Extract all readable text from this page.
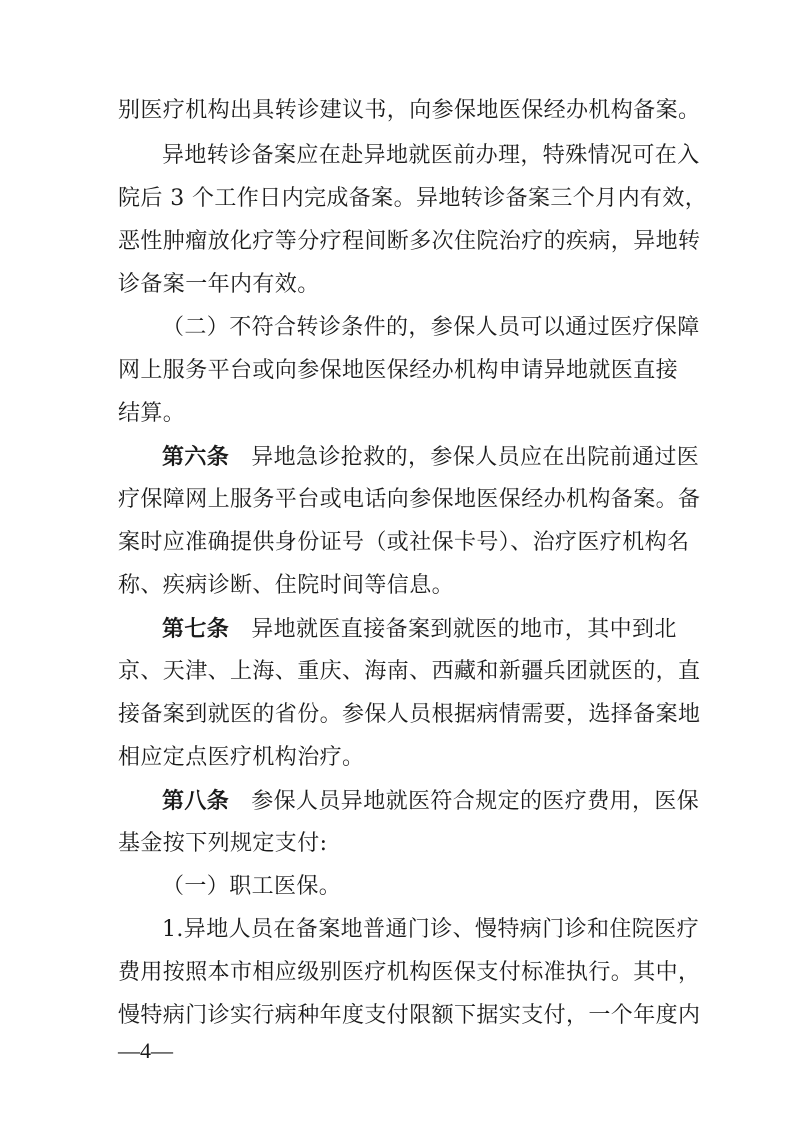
别医疗机构出具转诊建议书，向参保地医保经办机构备案。
异地转诊备案应在赴异地就医前办理，特殊情况可在入
院后 3 个工作日内完成备案。异地转诊备案三个月内有效，
恶性肿瘤放化疗等分疗程间断多次住院治疗的疾病，异地转
诊备案一年内有效。
（二）不符合转诊条件的，参保人员可以通过医疗保障
网上服务平台或向参保地医保经办机构申请异地就医直接
结算。
第六条 异地急诊抢救的，参保人员应在出院前通过医
疗保障网上服务平台或电话向参保地医保经办机构备案。备
案时应准确提供身份证号（或社保卡号）、治疗医疗机构名
称、疾病诊断、住院时间等信息。
第七条 异地就医直接备案到就医的地市，其中到北
京、天津、上海、重庆、海南、西藏和新疆兵团就医的，直
接备案到就医的省份。参保人员根据病情需要，选择备案地
相应定点医疗机构治疗。
第八条 参保人员异地就医符合规定的医疗费用，医保
基金按下列规定支付:
（一）职工医保。
1.异地人员在备案地普通门诊、慢特病门诊和住院医疗
费用按照本市相应级别医疗机构医保支付标准执行。其中，
慢特病门诊实行病种年度支付限额下据实支付，一个年度内
—4—
